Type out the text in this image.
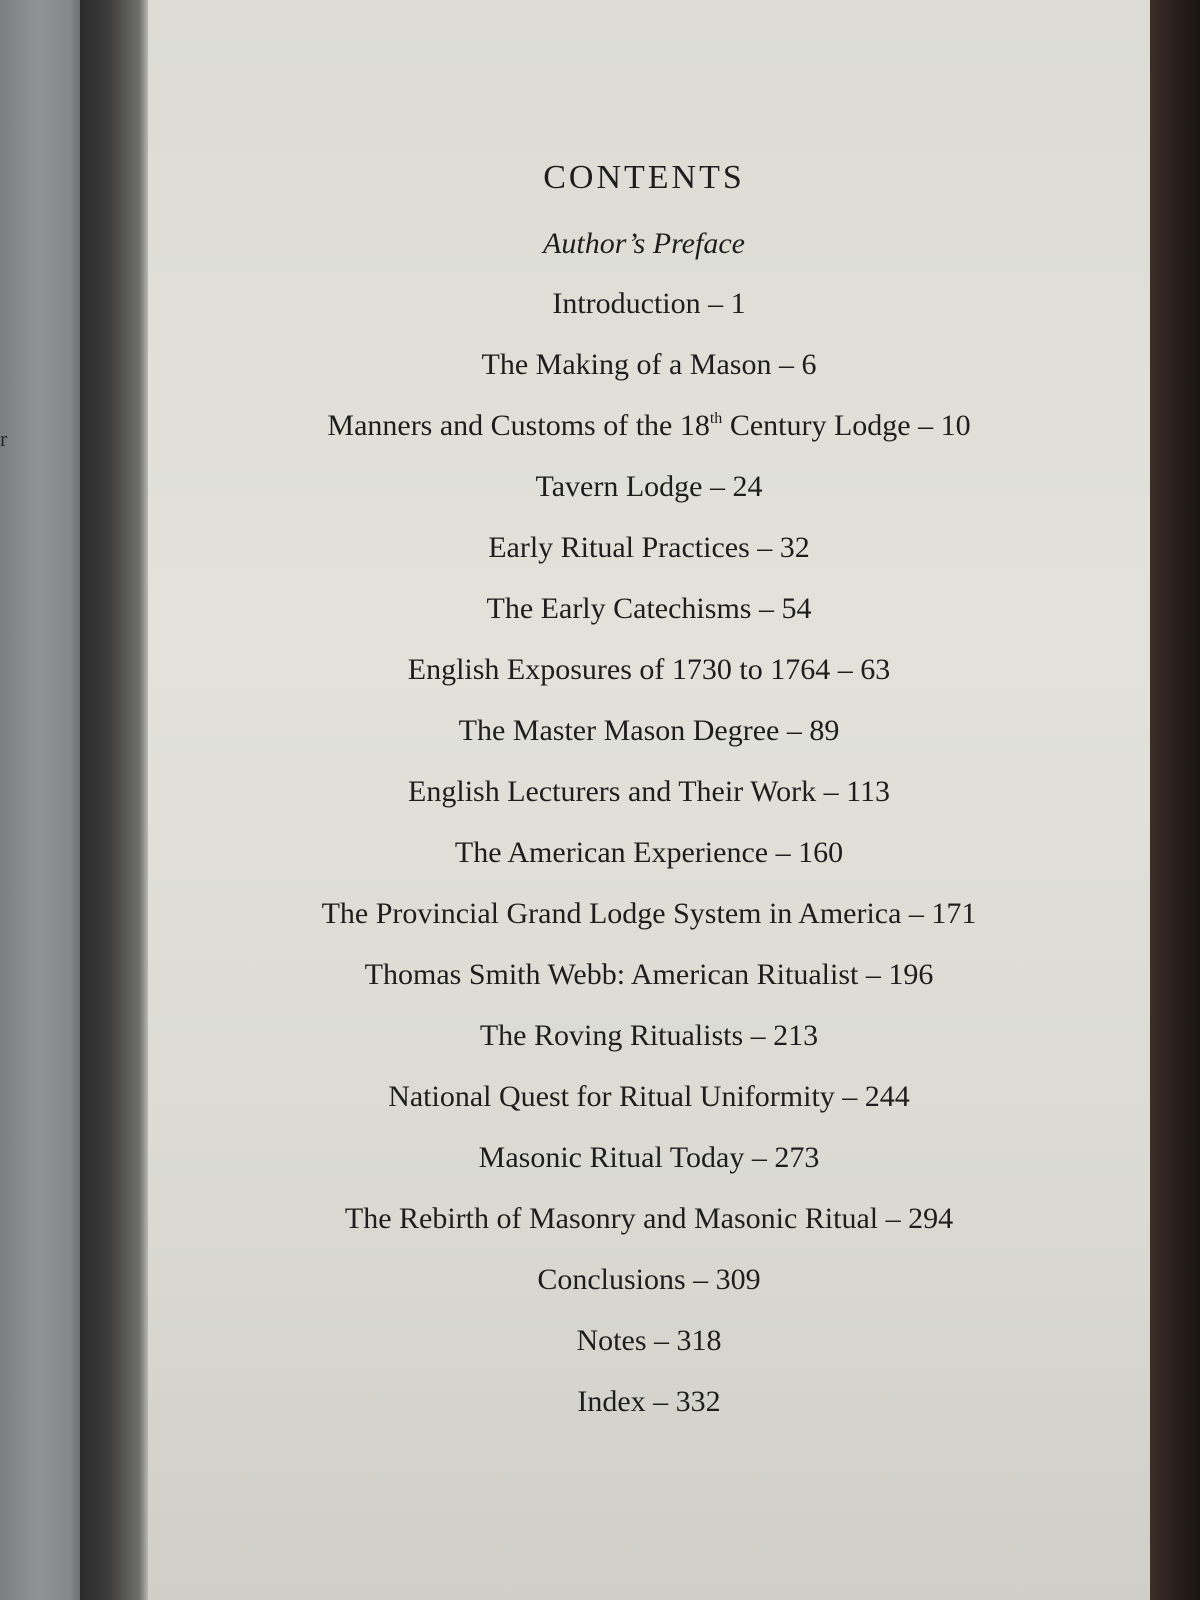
r
CONTENTS
Author’s Preface
Introduction – 1
The Making of a Mason – 6
Manners and Customs of the 18th Century Lodge – 10
Tavern Lodge – 24
Early Ritual Practices – 32
The Early Catechisms – 54
English Exposures of 1730 to 1764 – 63
The Master Mason Degree – 89
English Lecturers and Their Work – 113
The American Experience – 160
The Provincial Grand Lodge System in America – 171
Thomas Smith Webb: American Ritualist – 196
The Roving Ritualists – 213
National Quest for Ritual Uniformity – 244
Masonic Ritual Today – 273
The Rebirth of Masonry and Masonic Ritual – 294
Conclusions – 309
Notes – 318
Index – 332
